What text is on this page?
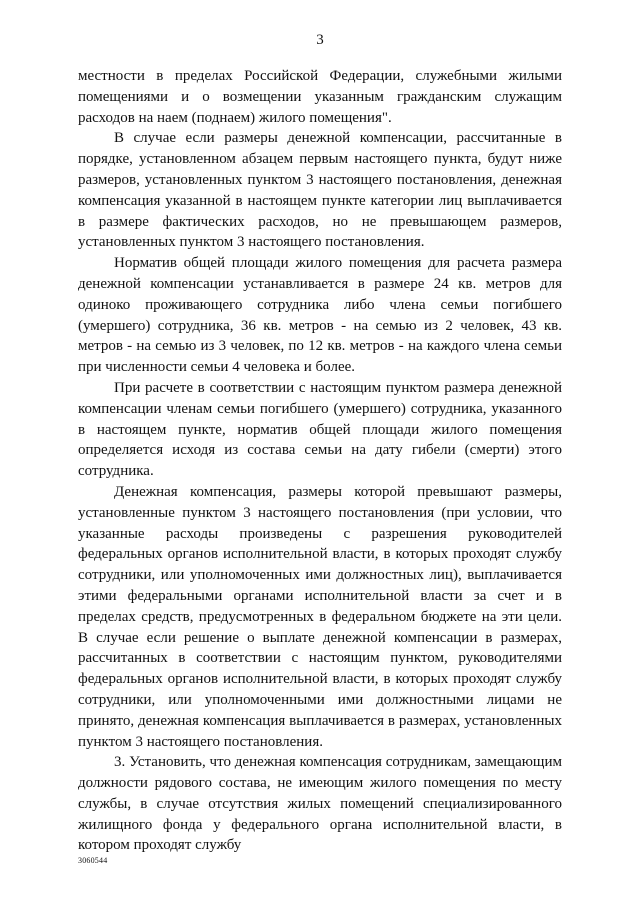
3

местности в пределах Российской Федерации, служебными жилыми помещениями и о возмещении указанным гражданским служащим расходов на наем (поднаем) жилого помещения".

В случае если размеры денежной компенсации, рассчитанные в порядке, установленном абзацем первым настоящего пункта, будут ниже размеров, установленных пунктом 3 настоящего постановления, денежная компенсация указанной в настоящем пункте категории лиц выплачивается в размере фактических расходов, но не превышающем размеров, установленных пунктом 3 настоящего постановления.

Норматив общей площади жилого помещения для расчета размера денежной компенсации устанавливается в размере 24 кв. метров для одиноко проживающего сотрудника либо члена семьи погибшего (умершего) сотрудника, 36 кв. метров - на семью из 2 человек, 43 кв. метров - на семью из 3 человек, по 12 кв. метров - на каждого члена семьи при численности семьи 4 человека и более.

При расчете в соответствии с настоящим пунктом размера денежной компенсации членам семьи погибшего (умершего) сотрудника, указанного в настоящем пункте, норматив общей площади жилого помещения определяется исходя из состава семьи на дату гибели (смерти) этого сотрудника.

Денежная компенсация, размеры которой превышают размеры, установленные пунктом 3 настоящего постановления (при условии, что указанные расходы произведены с разрешения руководителей федеральных органов исполнительной власти, в которых проходят службу сотрудники, или уполномоченных ими должностных лиц), выплачивается этими федеральными органами исполнительной власти за счет и в пределах средств, предусмотренных в федеральном бюджете на эти цели. В случае если решение о выплате денежной компенсации в размерах, рассчитанных в соответствии с настоящим пунктом, руководителями федеральных органов исполнительной власти, в которых проходят службу сотрудники, или уполномоченными ими должностными лицами не принято, денежная компенсация выплачивается в размерах, установленных пунктом 3 настоящего постановления.

3. Установить, что денежная компенсация сотрудникам, замещающим должности рядового состава, не имеющим жилого помещения по месту службы, в случае отсутствия жилых помещений специализированного жилищного фонда у федерального органа исполнительной власти, в котором проходят службу

3060544
